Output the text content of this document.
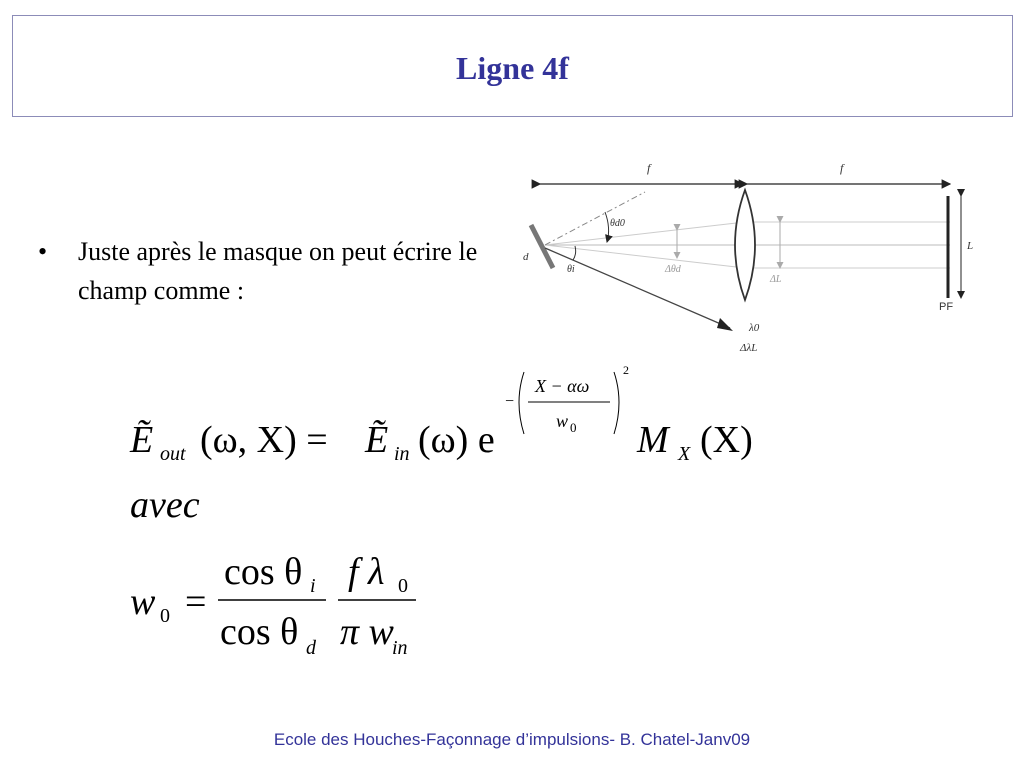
Ligne 4f
• Juste après le masque on peut écrire le champ comme :
f	f
d
θd0
θi	Δθd
ΔL
L
PF
λ0
ΔλL
Ẽ out (ω, X) = Ẽ in (ω) e
−
X − αω
w 0
2
M X (X)
avec
w 0 =
cos θ i
cos θ d
f λ 0
π w
in
Ecole des Houches-Façonnage d’impulsions- B. Chatel-Janv09
